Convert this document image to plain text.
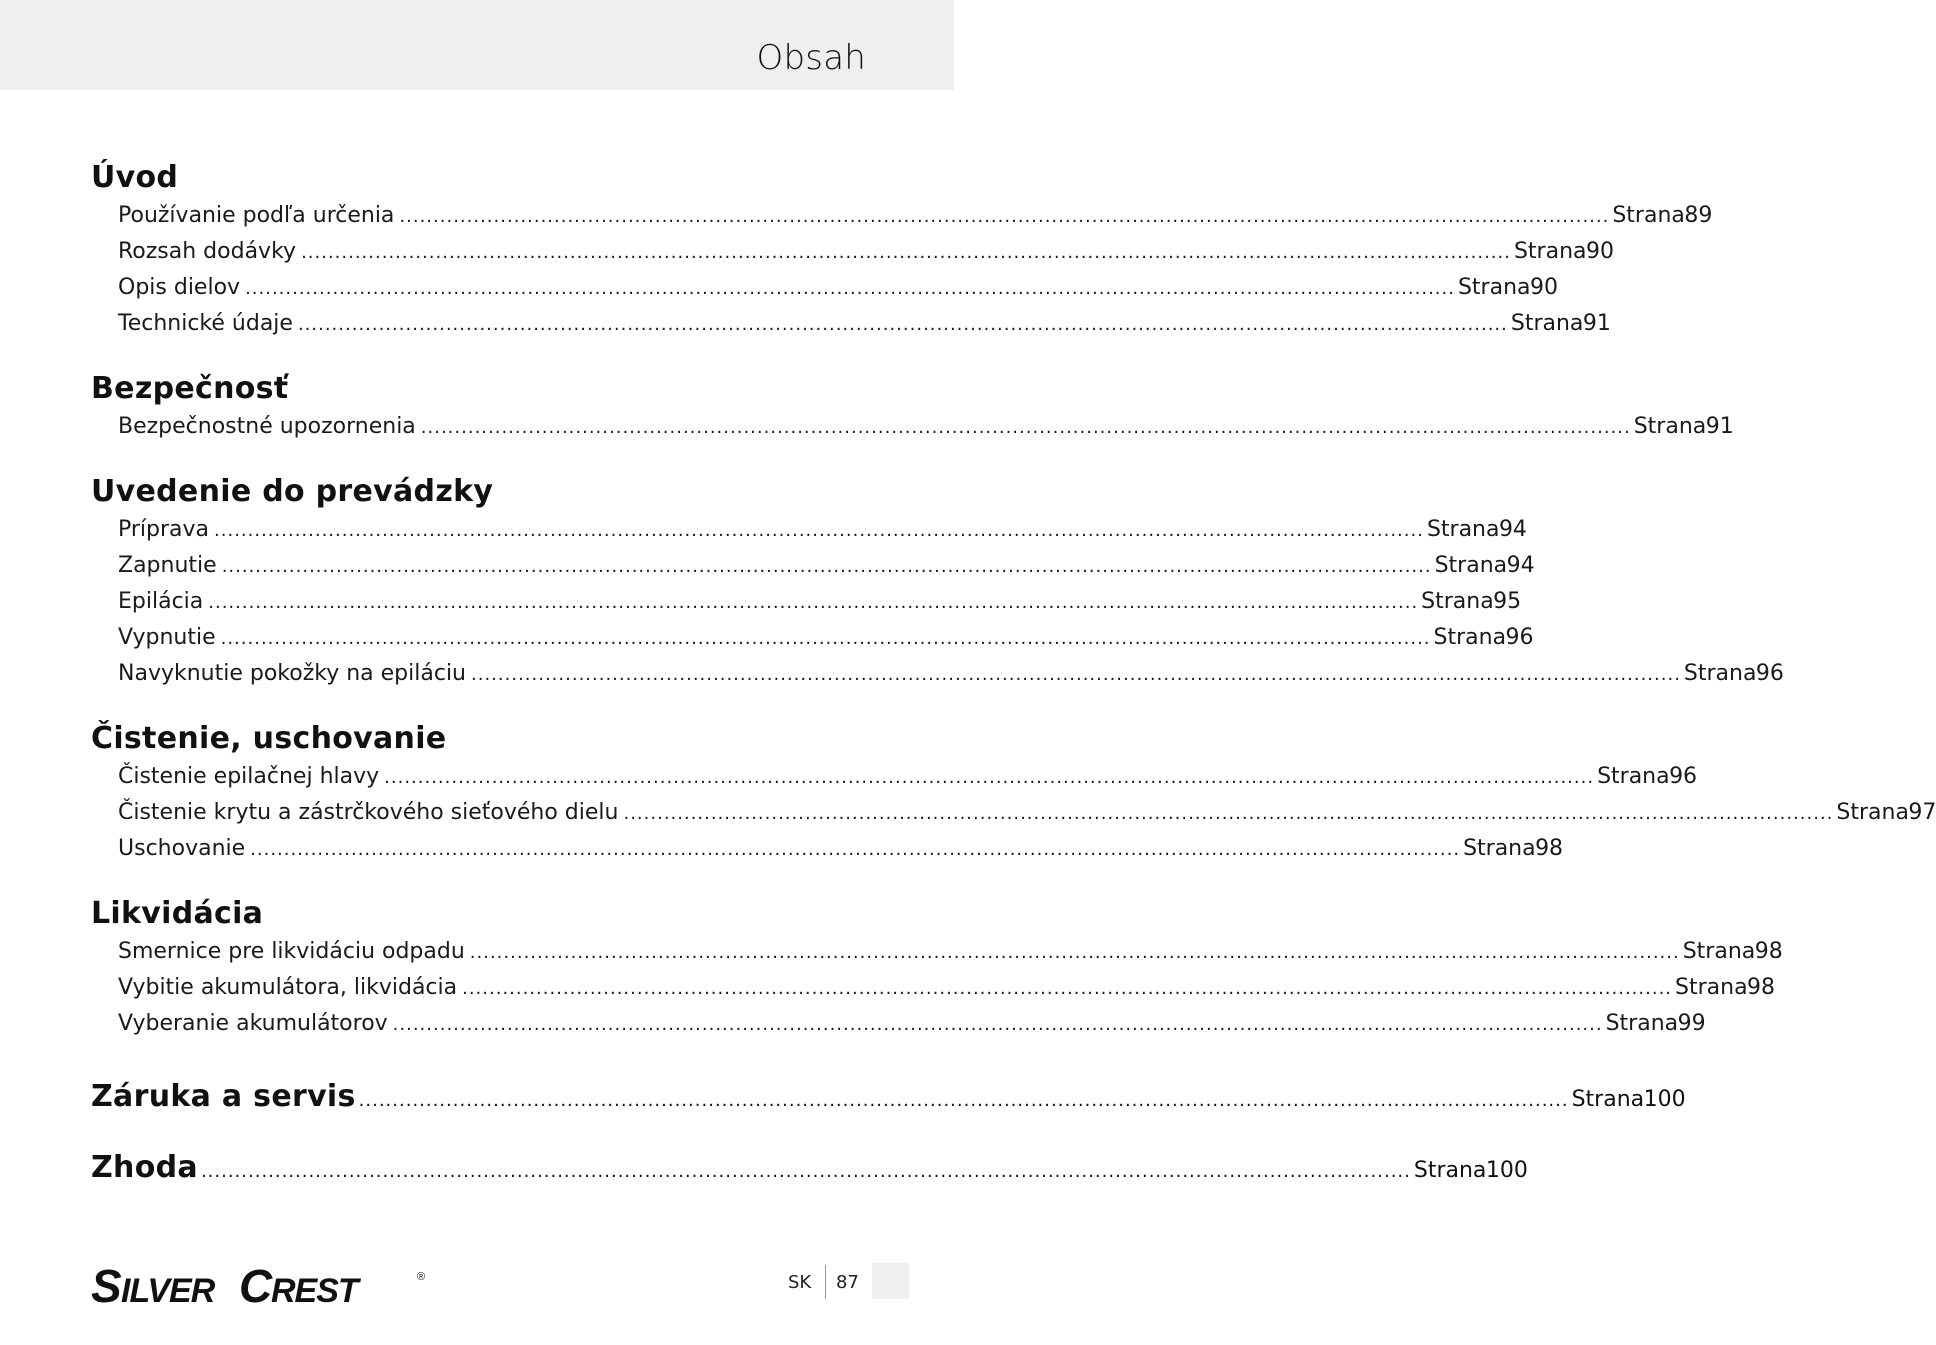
Obsah
Úvod
Používanie podľa určenia .................................................................................................................................................................................... Strana 89
Rozsah dodávky .................................................................................................................................................................................... Strana 90
Opis dielov .................................................................................................................................................................................... Strana 90
Technické údaje .................................................................................................................................................................................... Strana 91
Bezpečnosť
Bezpečnostné upozornenia .................................................................................................................................................................................... Strana 91
Uvedenie do prevádzky
Príprava .................................................................................................................................................................................... Strana 94
Zapnutie .................................................................................................................................................................................... Strana 94
Epilácia .................................................................................................................................................................................... Strana 95
Vypnutie .................................................................................................................................................................................... Strana 96
Navyknutie pokožky na epiláciu .................................................................................................................................................................................... Strana 96
Čistenie, uschovanie
Čistenie epilačnej hlavy .................................................................................................................................................................................... Strana 96
Čistenie krytu a zástrčkového sieťového dielu .................................................................................................................................................................................... Strana 97
Uschovanie .................................................................................................................................................................................... Strana 98
Likvidácia
Smernice pre likvidáciu odpadu .................................................................................................................................................................................... Strana 98
Vybitie akumulátora, likvidácia .................................................................................................................................................................................... Strana 98
Vyberanie akumulátorov .................................................................................................................................................................................... Strana 99
Záruka a servis .................................................................................................................................................................................... Strana 100
Zhoda .................................................................................................................................................................................... Strana 100
S ILVER C REST	®	SK 87
